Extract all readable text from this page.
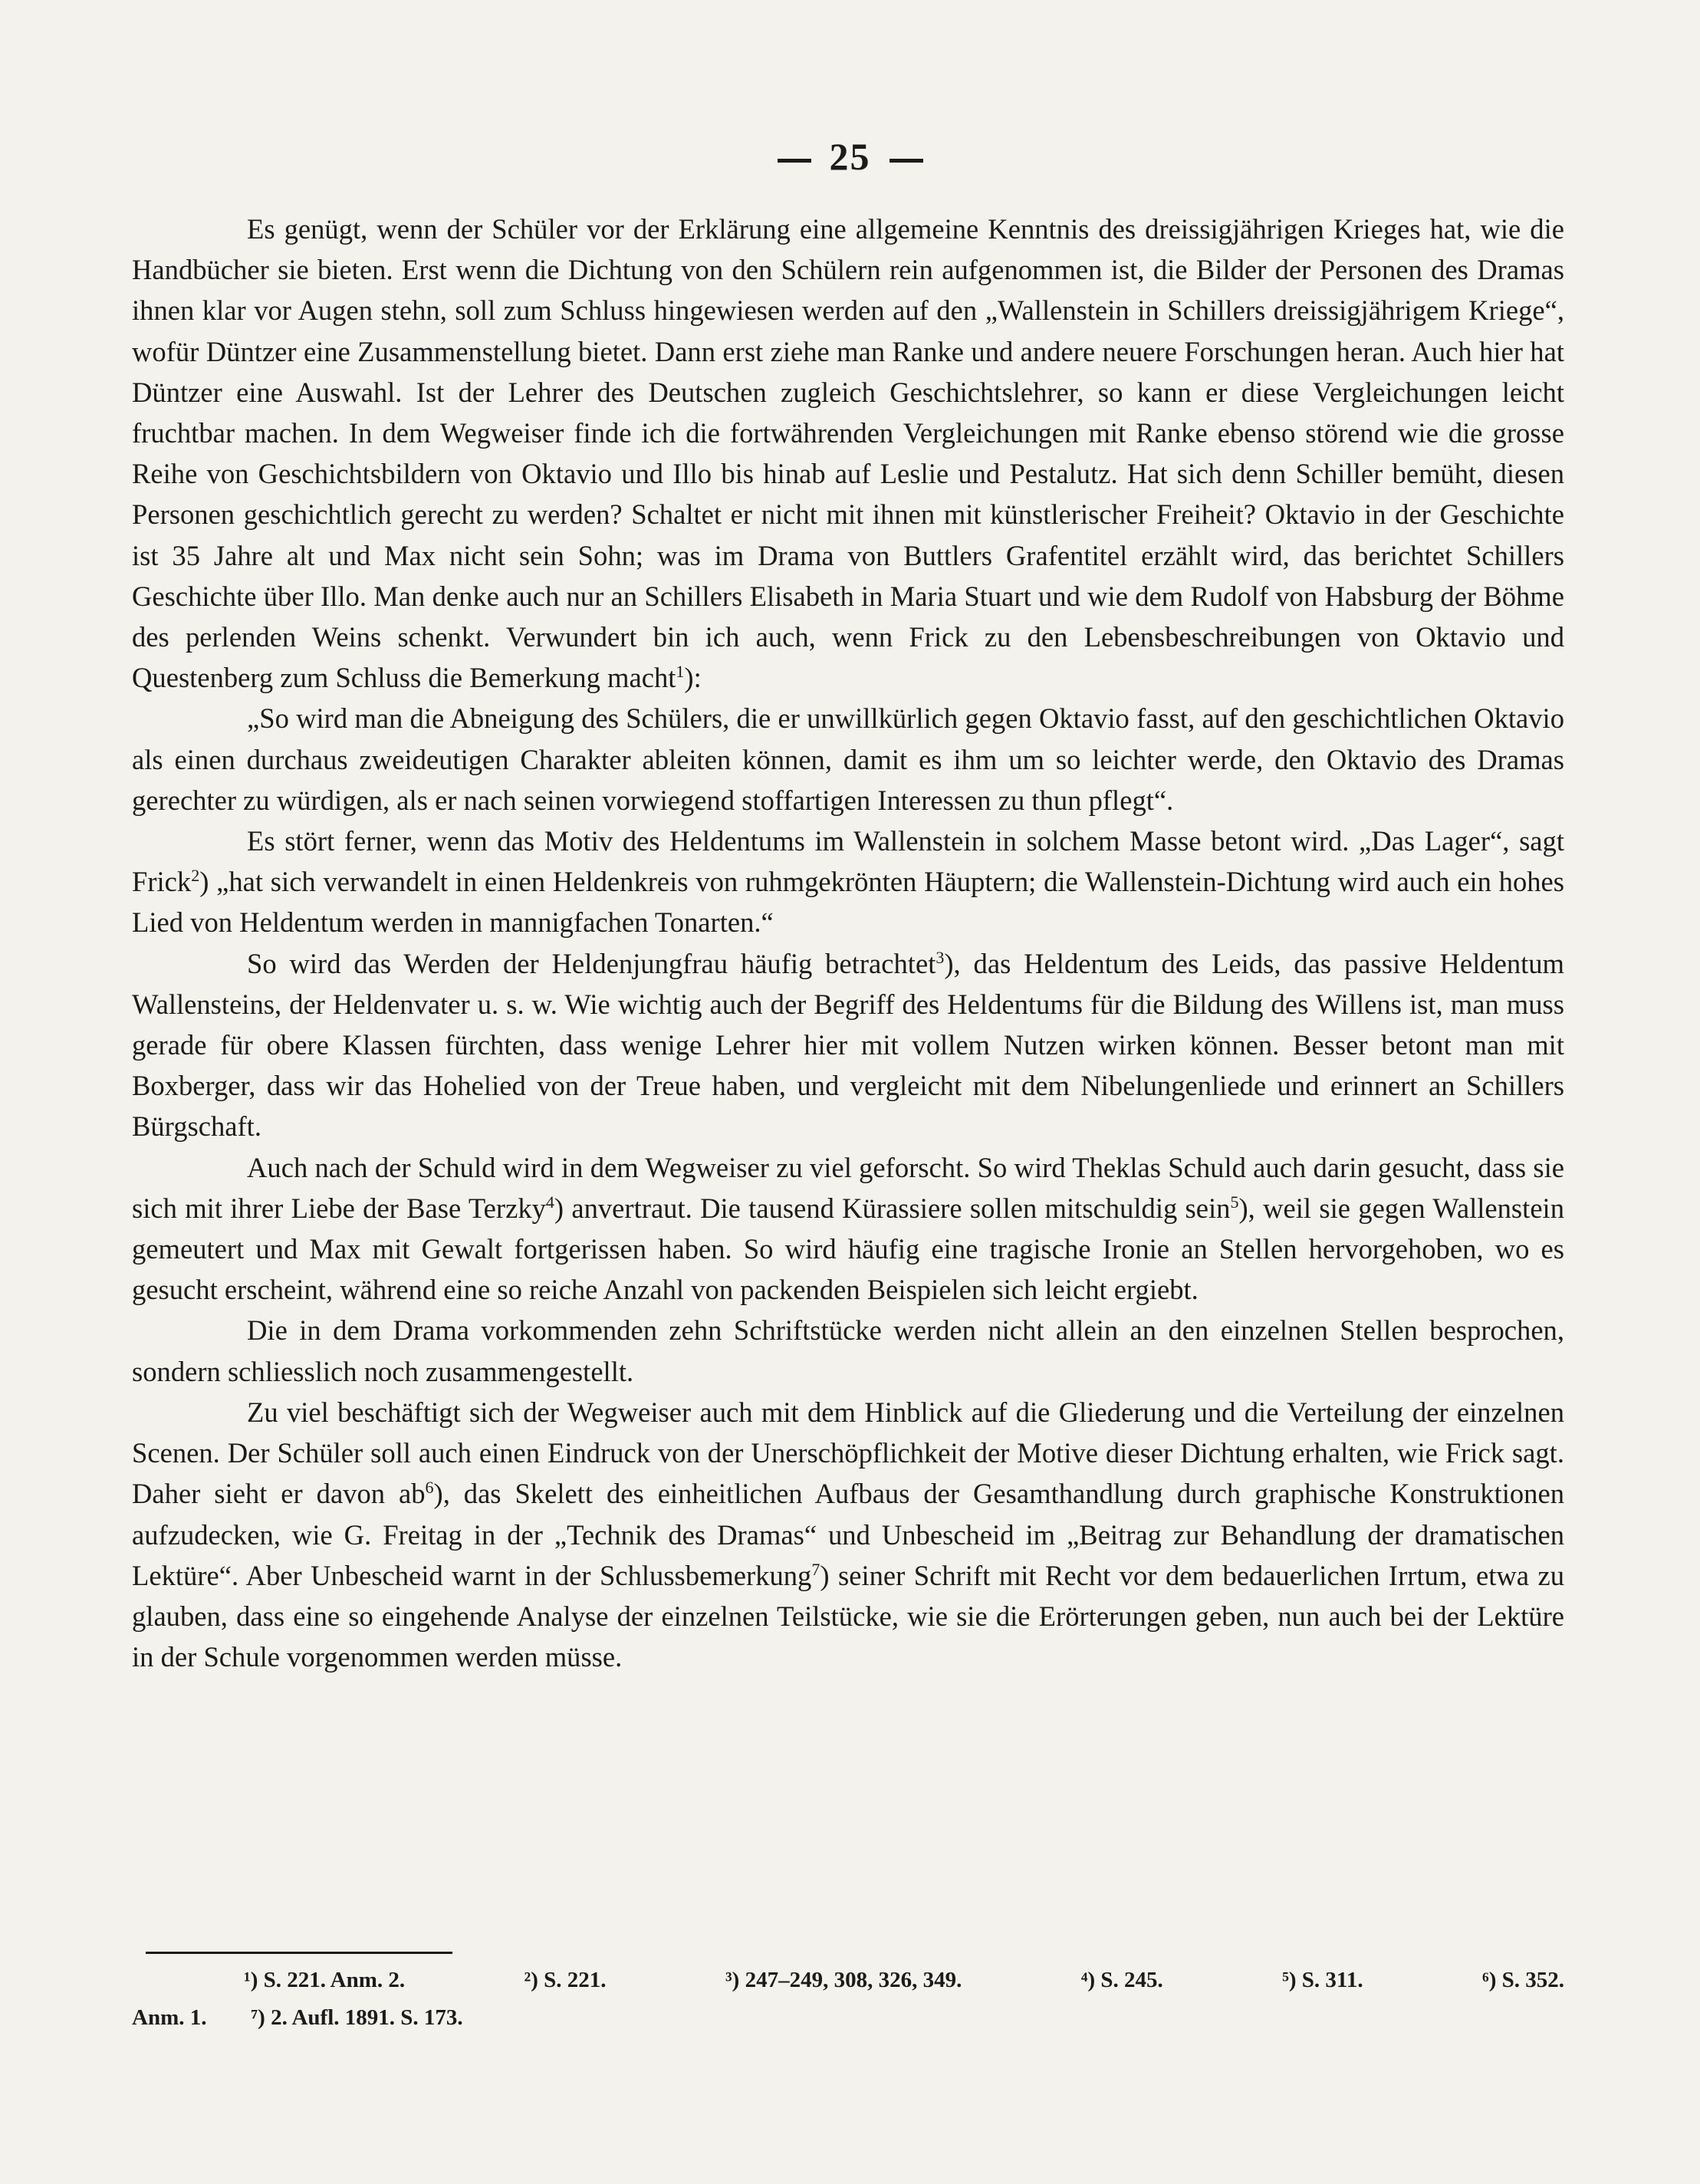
25

Es genügt, wenn der Schüler vor der Erklärung eine allgemeine Kenntnis des dreissigjährigen Krieges hat, wie die Handbücher sie bieten. Erst wenn die Dichtung von den Schülern rein aufgenommen ist, die Bilder der Personen des Dramas ihnen klar vor Augen stehn, soll zum Schluss hingewiesen werden auf den „Wallenstein in Schillers dreissigjährigem Kriege“, wofür Düntzer eine Zusammenstellung bietet. Dann erst ziehe man Ranke und andere neuere Forschungen heran. Auch hier hat Düntzer eine Auswahl. Ist der Lehrer des Deutschen zugleich Geschichtslehrer, so kann er diese Vergleichungen leicht fruchtbar machen. In dem Wegweiser finde ich die fortwährenden Vergleichungen mit Ranke ebenso störend wie die grosse Reihe von Geschichtsbildern von Oktavio und Illo bis hinab auf Leslie und Pestalutz. Hat sich denn Schiller bemüht, diesen Personen geschichtlich gerecht zu werden? Schaltet er nicht mit ihnen mit künstlerischer Freiheit? Oktavio in der Geschichte ist 35 Jahre alt und Max nicht sein Sohn; was im Drama von Buttlers Grafentitel erzählt wird, das berichtet Schillers Geschichte über Illo. Man denke auch nur an Schillers Elisabeth in Maria Stuart und wie dem Rudolf von Habsburg der Böhme des perlenden Weins schenkt. Verwundert bin ich auch, wenn Frick zu den Lebensbeschreibungen von Oktavio und Questenberg zum Schluss die Bemerkung macht$^1$):

„So wird man die Abneigung des Schülers, die er unwillkürlich gegen Oktavio fasst, auf den geschichtlichen Oktavio als einen durchaus zweideutigen Charakter ableiten können, damit es ihm um so leichter werde, den Oktavio des Dramas gerechter zu würdigen, als er nach seinen vorwiegend stoffartigen Interessen zu thun pflegt“.

Es stört ferner, wenn das Motiv des Heldentums im Wallenstein in solchem Masse betont wird. „Das Lager“, sagt Frick$^2$) „hat sich verwandelt in einen Heldenkreis von ruhmgekrönten Häuptern; die Wallenstein-Dichtung wird auch ein hohes Lied von Heldentum werden in mannigfachen Tonarten.“

So wird das Werden der Heldenjungfrau häufig betrachtet$^3$), das Heldentum des Leids, das passive Heldentum Wallensteins, der Heldenvater u. s. w. Wie wichtig auch der Begriff des Heldentums für die Bildung des Willens ist, man muss gerade für obere Klassen fürchten, dass wenige Lehrer hier mit vollem Nutzen wirken können. Besser betont man mit Boxberger, dass wir das Hohelied von der Treue haben, und vergleicht mit dem Nibelungenliede und erinnert an Schillers Bürgschaft.

Auch nach der Schuld wird in dem Wegweiser zu viel geforscht. So wird Theklas Schuld auch darin gesucht, dass sie sich mit ihrer Liebe der Base Terzky$^4$) anvertraut. Die tausend Kürassiere sollen mitschuldig sein$^5$), weil sie gegen Wallenstein gemeutert und Max mit Gewalt fortgerissen haben. So wird häufig eine tragische Ironie an Stellen hervorgehoben, wo es gesucht erscheint, während eine so reiche Anzahl von packenden Beispielen sich leicht ergiebt.

Die in dem Drama vorkommenden zehn Schriftstücke werden nicht allein an den einzelnen Stellen besprochen, sondern schliesslich noch zusammengestellt.

Zu viel beschäftigt sich der Wegweiser auch mit dem Hinblick auf die Gliederung und die Verteilung der einzelnen Scenen. Der Schüler soll auch einen Eindruck von der Unerschöpflichkeit der Motive dieser Dichtung erhalten, wie Frick sagt. Daher sieht er davon $ab^6$), das Skelett des einheitlichen Aufbaus der Gesamthandlung durch graphische Konstruktionen aufzudecken, wie G. Freitag in der „Technik des Dramas“ und Unbescheid im „Beitrag zur Behandlung der dramatischen Lektüre“. Aber Unbescheid warnt in der Schlussbemerkung$^7$) seiner Schrift mit Recht vor dem bedauerlichen Irrtum, etwa zu glauben, dass eine so eingehende Analyse der einzelnen Teilstücke, wie sie die Erörterungen geben, nun auch bei der Lektüre in der Schule vorgenommen werden müsse.

¹) S. 221. Anm. 2.	²) S. 221.	³) 247–249, 308, 326, 349.	⁴) S. 245.	⁵) S. 311.	⁶) S. 352.
Anm. 1. ⁷) 2. Aufl. 1891. S. 173.
